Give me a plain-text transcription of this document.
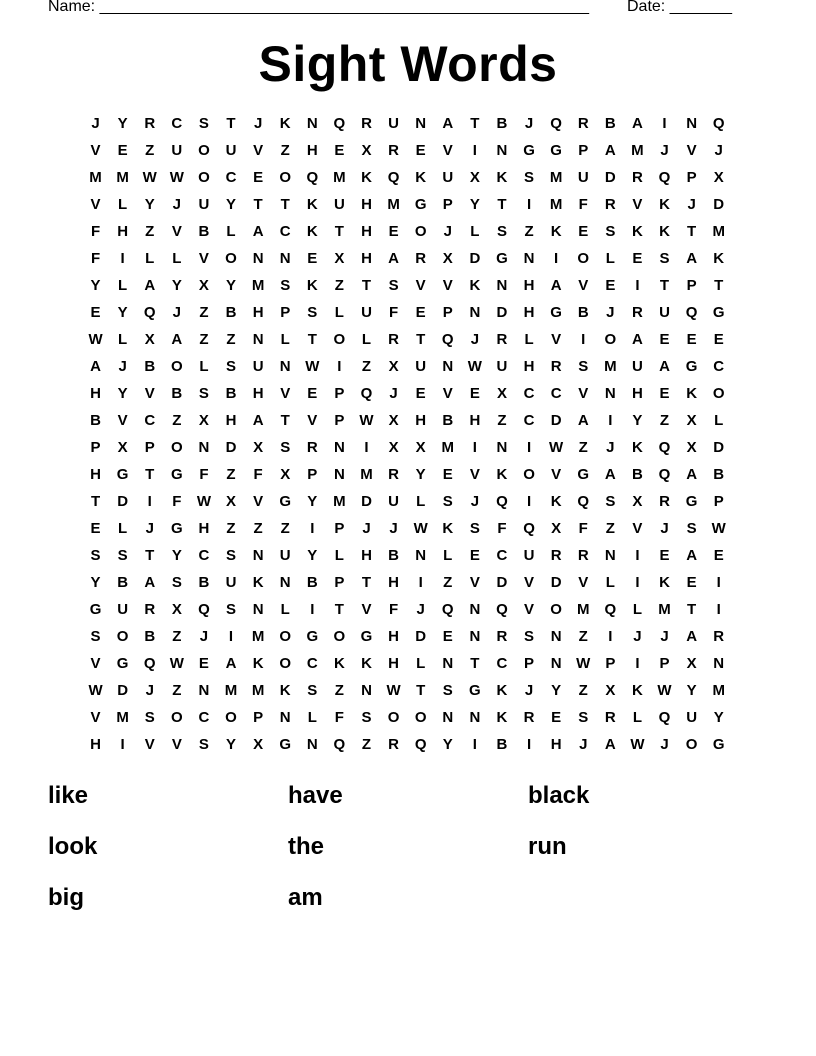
Name: _______________________________________________________ Date: _______
Sight Words
J	Y	R	C	S	T	J	K	N	Q	R	U	N	A	T	B	J	Q	R	B	A	I	N	Q
V	E	Z	U	O	U	V	Z	H	E	X	R	E	V	I	N	G	G	P	A	M	J	V	J
M M W W O	C	E	O	Q	M	K	Q	K	U	X	K	S	M	U	D	R	Q	P	X
V	L	Y	J	U	Y	T	T	K	U	H	M	G	P	Y	T	I	M	F	R	V	K	J	D
F	H	Z	V	B	L	A	C	K	T	H	E	O	J	L	S	Z	K	E	S	K	K	T	M
F	I	L	L	V	O	N	N	E	X	H	A	R	X	D	G	N	I	O	L	E	S	A	K
Y	L	A	Y	X	Y	M	S	K	Z	T	S	V	V	K	N	H	A	V	E	I	T	P	T
E	Y	Q	J	Z	B	H	P	S	L	U	F	E	P	N	D	H	G	B	J	R	U	Q	G
W	L	X	A	Z	Z	N	L	T	O	L	R	T	Q	J	R	L	V	I	O	A	E	E	E
A	J	B	O	L	S	U	N W	I	Z	X	U	N W U	H	R	S	M	U	A	G	C
H	Y	V	B	S	B	H	V	E	P	Q	J	E	V	E	X	C	C	V	N	H	E	K	O
B	V	C	Z	X	H	A	T	V	P	W	X	H	B	H	Z	C	D	A	I	Y	Z	X	L
P	X	P	O	N	D	X	S	R	N	I	X	X	M	I	N	I	W	Z	J	K	Q	X	D
H	G	T	G	F	Z	F	X	P	N	M	R	Y	E	V	K	O	V	G	A	B	Q	A	B
T	D	I	F	W	X	V	G	Y	M	D	U	L	S	J	Q	I	K	Q	S	X	R	G	P
E	L	J	G	H	Z	Z	Z	I	P	J	J	W K	S	F	Q	X	F	Z	V	J	S	W
S	S	T	Y	C	S	N	U	Y	L	H	B	N	L	E	C	U	R	R	N	I	E	A	E
Y	B	A	S	B	U	K	N	B	P	T	H	I	Z	V	D	V	D	V	L	I	K	E	I
G	U	R	X	Q	S	N	L	I	T	V	F	J	Q	N	Q	V	O	M	Q	L	M	T	I
S	O	B	Z	J	I	M	O	G	O	G	H	D	E	N	R	S	N	Z	I	J	J	A	R
V	G	Q W	E	A	K	O	C	K	K	H	L	N	T	C	P	N W	P	I	P	X	N
W D	J	Z	N	M M	K	S	Z	N W	T	S	G	K	J	Y	Z	X	K W	Y	M
V	M	S	O	C	O	P	N	L	F	S	O	O	N	N	K	R	E	S	R	L	Q	U	Y
H	I	V	V	S	Y	X	G	N	Q	Z	R	Q	Y	I	B	I	H	J	A W	J	O	G
like	have	black
look	the	run
big	am
